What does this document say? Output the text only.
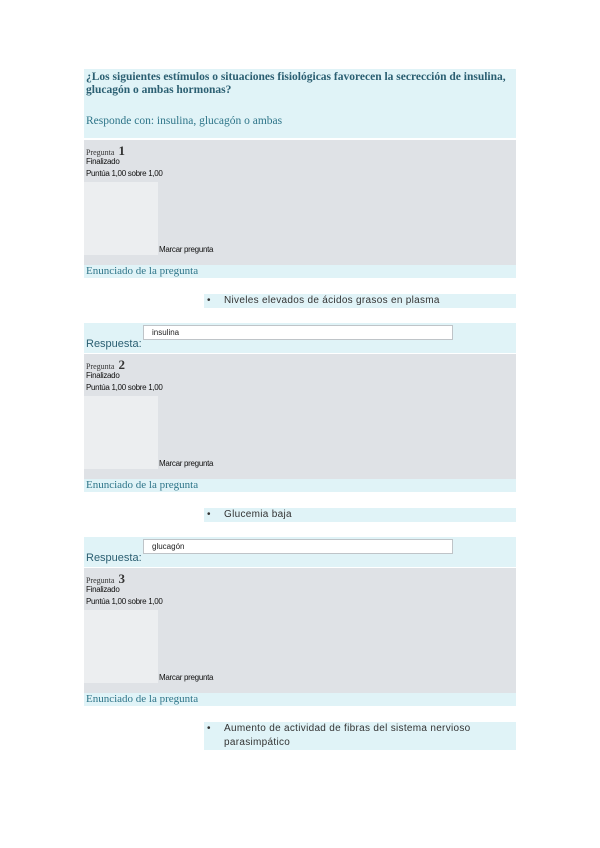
¿Los siguientes estímulos o situaciones fisiológicas favorecen la secrección de insulina, glucagón o ambas hormonas?
Responde con: insulina, glucagón o ambas
Pregunta 1
Finalizado
Puntúa 1,00 sobre 1,00
Marcar pregunta
Enunciado de la pregunta
•	Niveles elevados de ácidos grasos en plasma
Respuesta:
insulina
Pregunta 2
Finalizado
Puntúa 1,00 sobre 1,00
Marcar pregunta
Enunciado de la pregunta
•	Glucemia baja
Respuesta:
glucagón
Pregunta 3
Finalizado
Puntúa 1,00 sobre 1,00
Marcar pregunta
Enunciado de la pregunta
•	Aumento de actividad de fibras del sistema nervioso parasimpático
